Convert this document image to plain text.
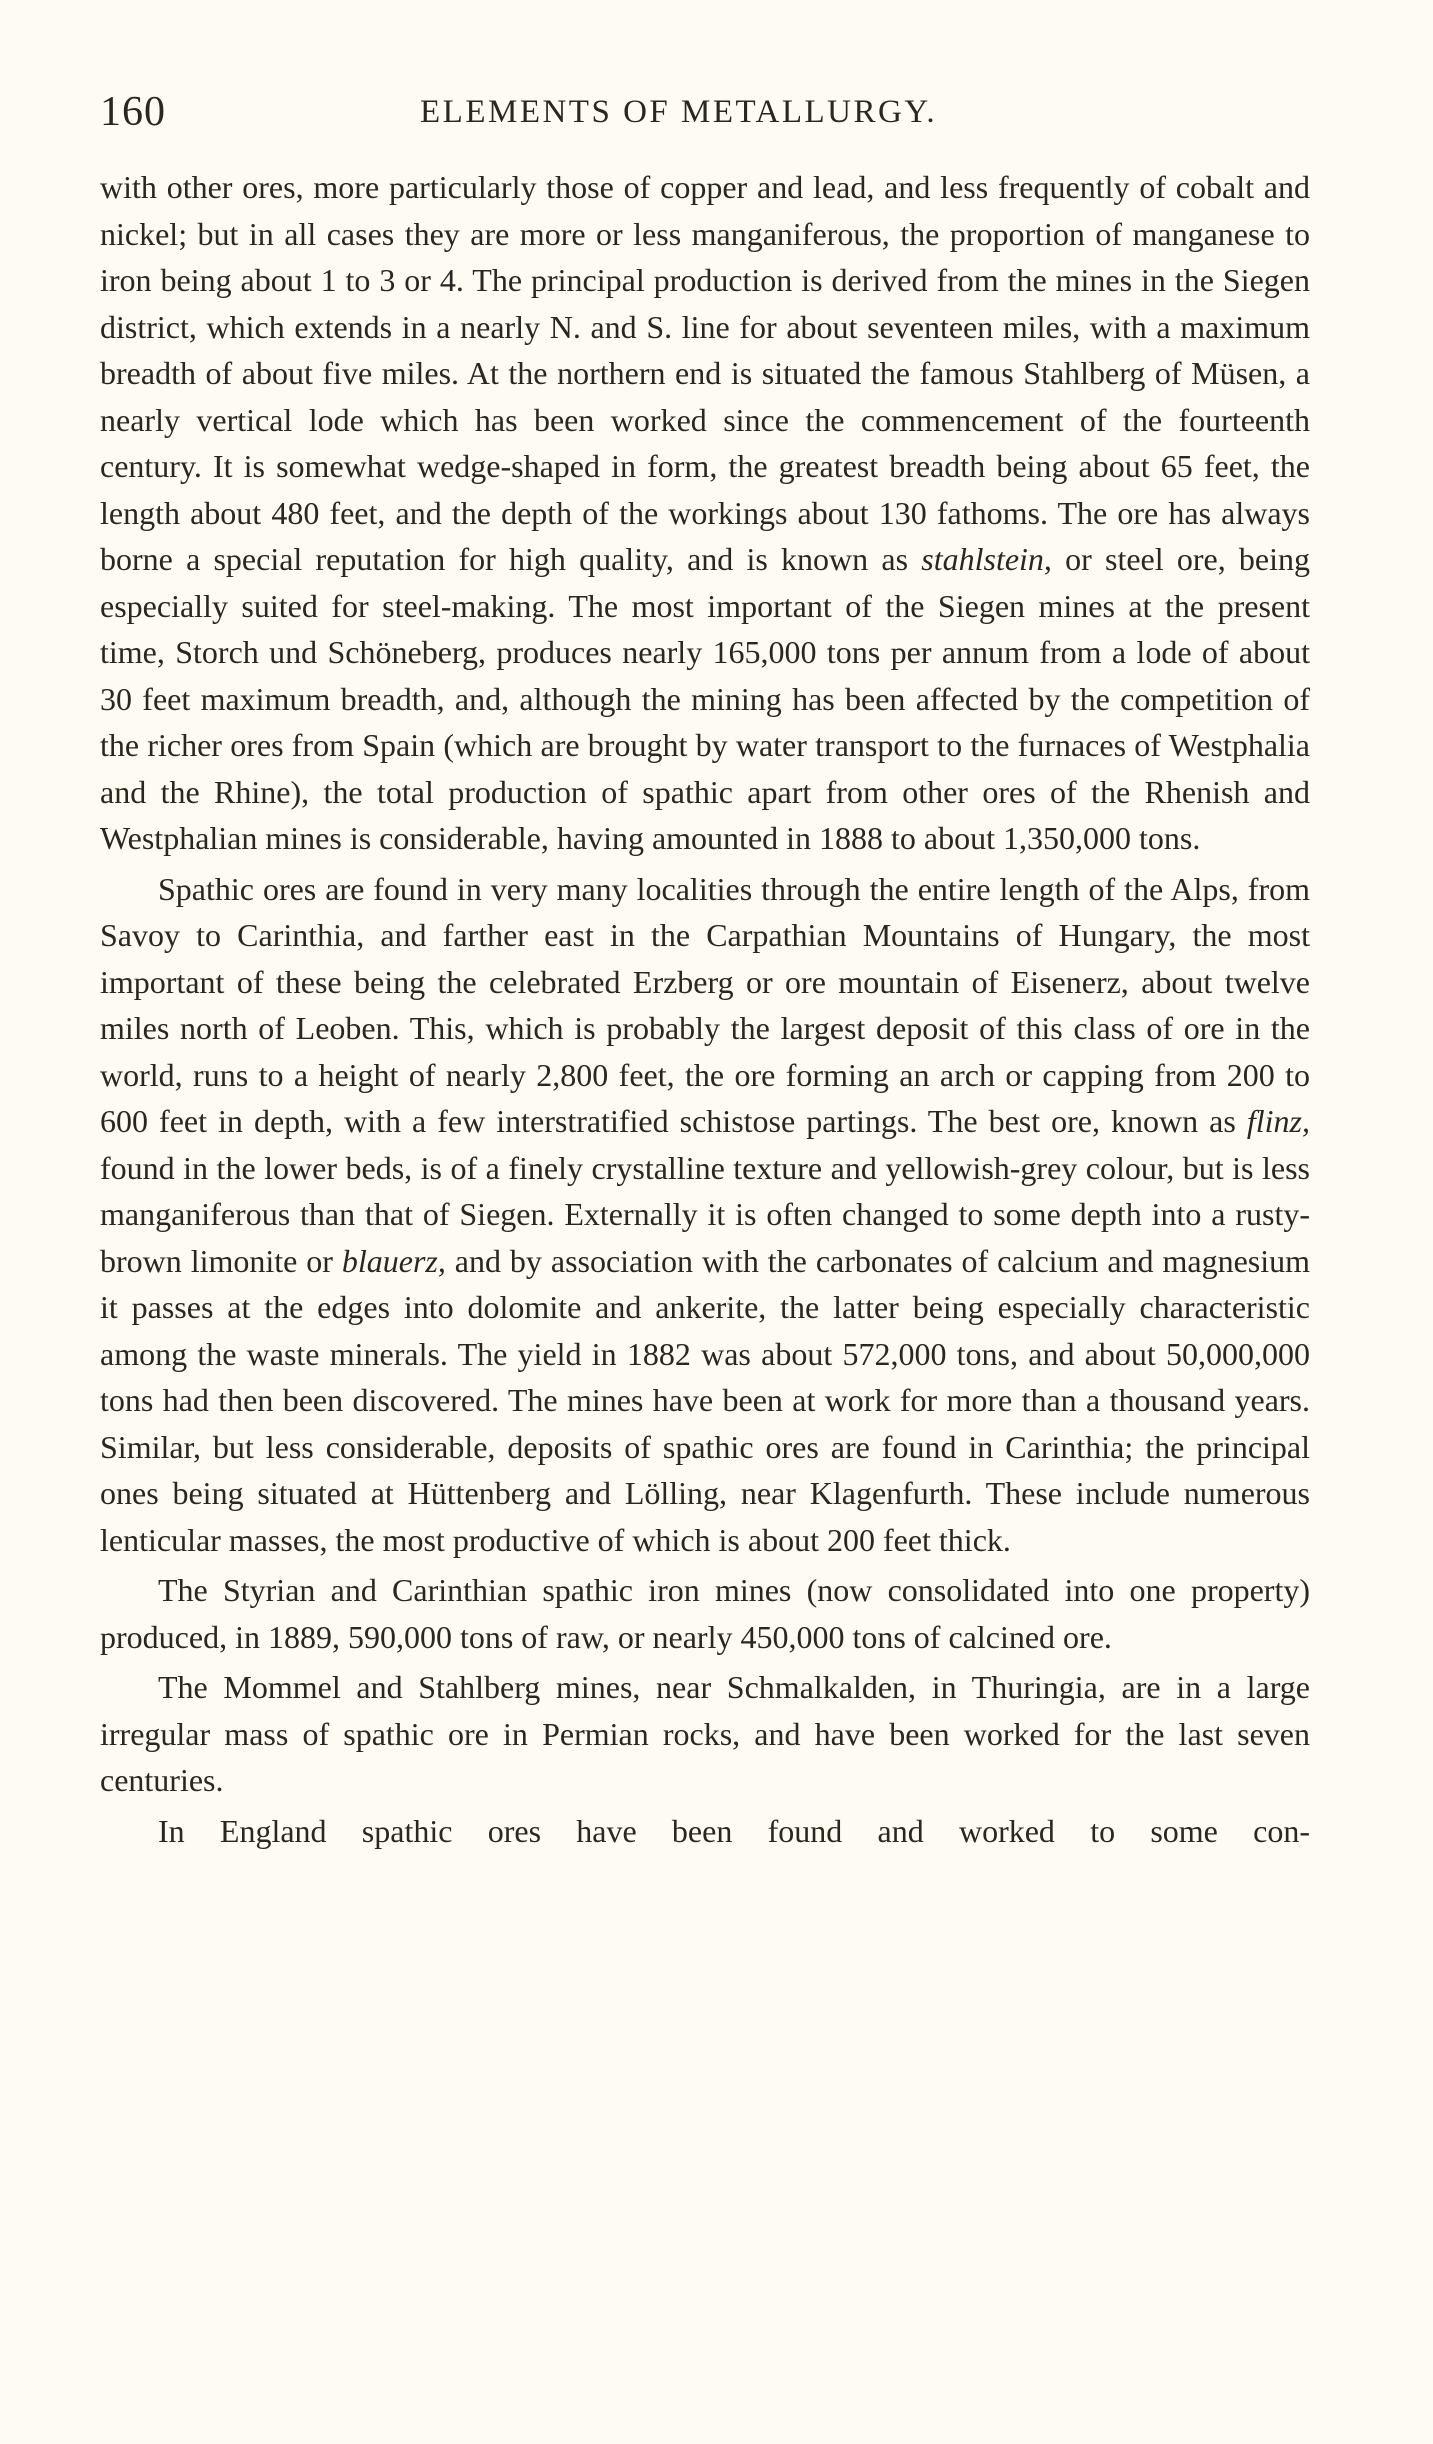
160	ELEMENTS OF METALLURGY.

with other ores, more particularly those of copper and lead, and less frequently of cobalt and nickel; but in all cases they are more or less manganiferous, the proportion of manganese to iron being about 1 to 3 or 4. The principal production is derived from the mines in the Siegen district, which extends in a nearly N. and S. line for about seventeen miles, with a maximum breadth of about five miles. At the northern end is situated the famous Stahlberg of Müsen, a nearly vertical lode which has been worked since the commencement of the fourteenth century. It is somewhat wedge-shaped in form, the greatest breadth being about 65 feet, the length about 480 feet, and the depth of the workings about 130 fathoms. The ore has always borne a special reputation for high quality, and is known as stahlstein, or steel ore, being especially suited for steel-making. The most important of the Siegen mines at the present time, Storch und Schöneberg, produces nearly 165,000 tons per annum from a lode of about 30 feet maximum breadth, and, although the mining has been affected by the competition of the richer ores from Spain (which are brought by water transport to the furnaces of Westphalia and the Rhine), the total production of spathic apart from other ores of the Rhenish and Westphalian mines is considerable, having amounted in 1888 to about 1,350,000 tons.

Spathic ores are found in very many localities through the entire length of the Alps, from Savoy to Carinthia, and farther east in the Carpathian Mountains of Hungary, the most important of these being the celebrated Erzberg or ore mountain of Eisenerz, about twelve miles north of Leoben. This, which is probably the largest deposit of this class of ore in the world, runs to a height of nearly 2,800 feet, the ore forming an arch or capping from 200 to 600 feet in depth, with a few interstratified schistose partings. The best ore, known as flinz, found in the lower beds, is of a finely crystalline texture and yellowish-grey colour, but is less manganiferous than that of Siegen. Externally it is often changed to some depth into a rusty-brown limonite or blauerz, and by association with the carbonates of calcium and magnesium it passes at the edges into dolomite and ankerite, the latter being especially characteristic among the waste minerals. The yield in 1882 was about 572,000 tons, and about 50,000,000 tons had then been discovered. The mines have been at work for more than a thousand years. Similar, but less considerable, deposits of spathic ores are found in Carinthia; the principal ones being situated at Hüttenberg and Lölling, near Klagenfurth. These include numerous lenticular masses, the most productive of which is about 200 feet thick.

The Styrian and Carinthian spathic iron mines (now consolidated into one property) produced, in 1889, 590,000 tons of raw, or nearly 450,000 tons of calcined ore.

The Mommel and Stahlberg mines, near Schmalkalden, in Thuringia, are in a large irregular mass of spathic ore in Permian rocks, and have been worked for the last seven centuries.

In England spathic ores have been found and worked to some con-
